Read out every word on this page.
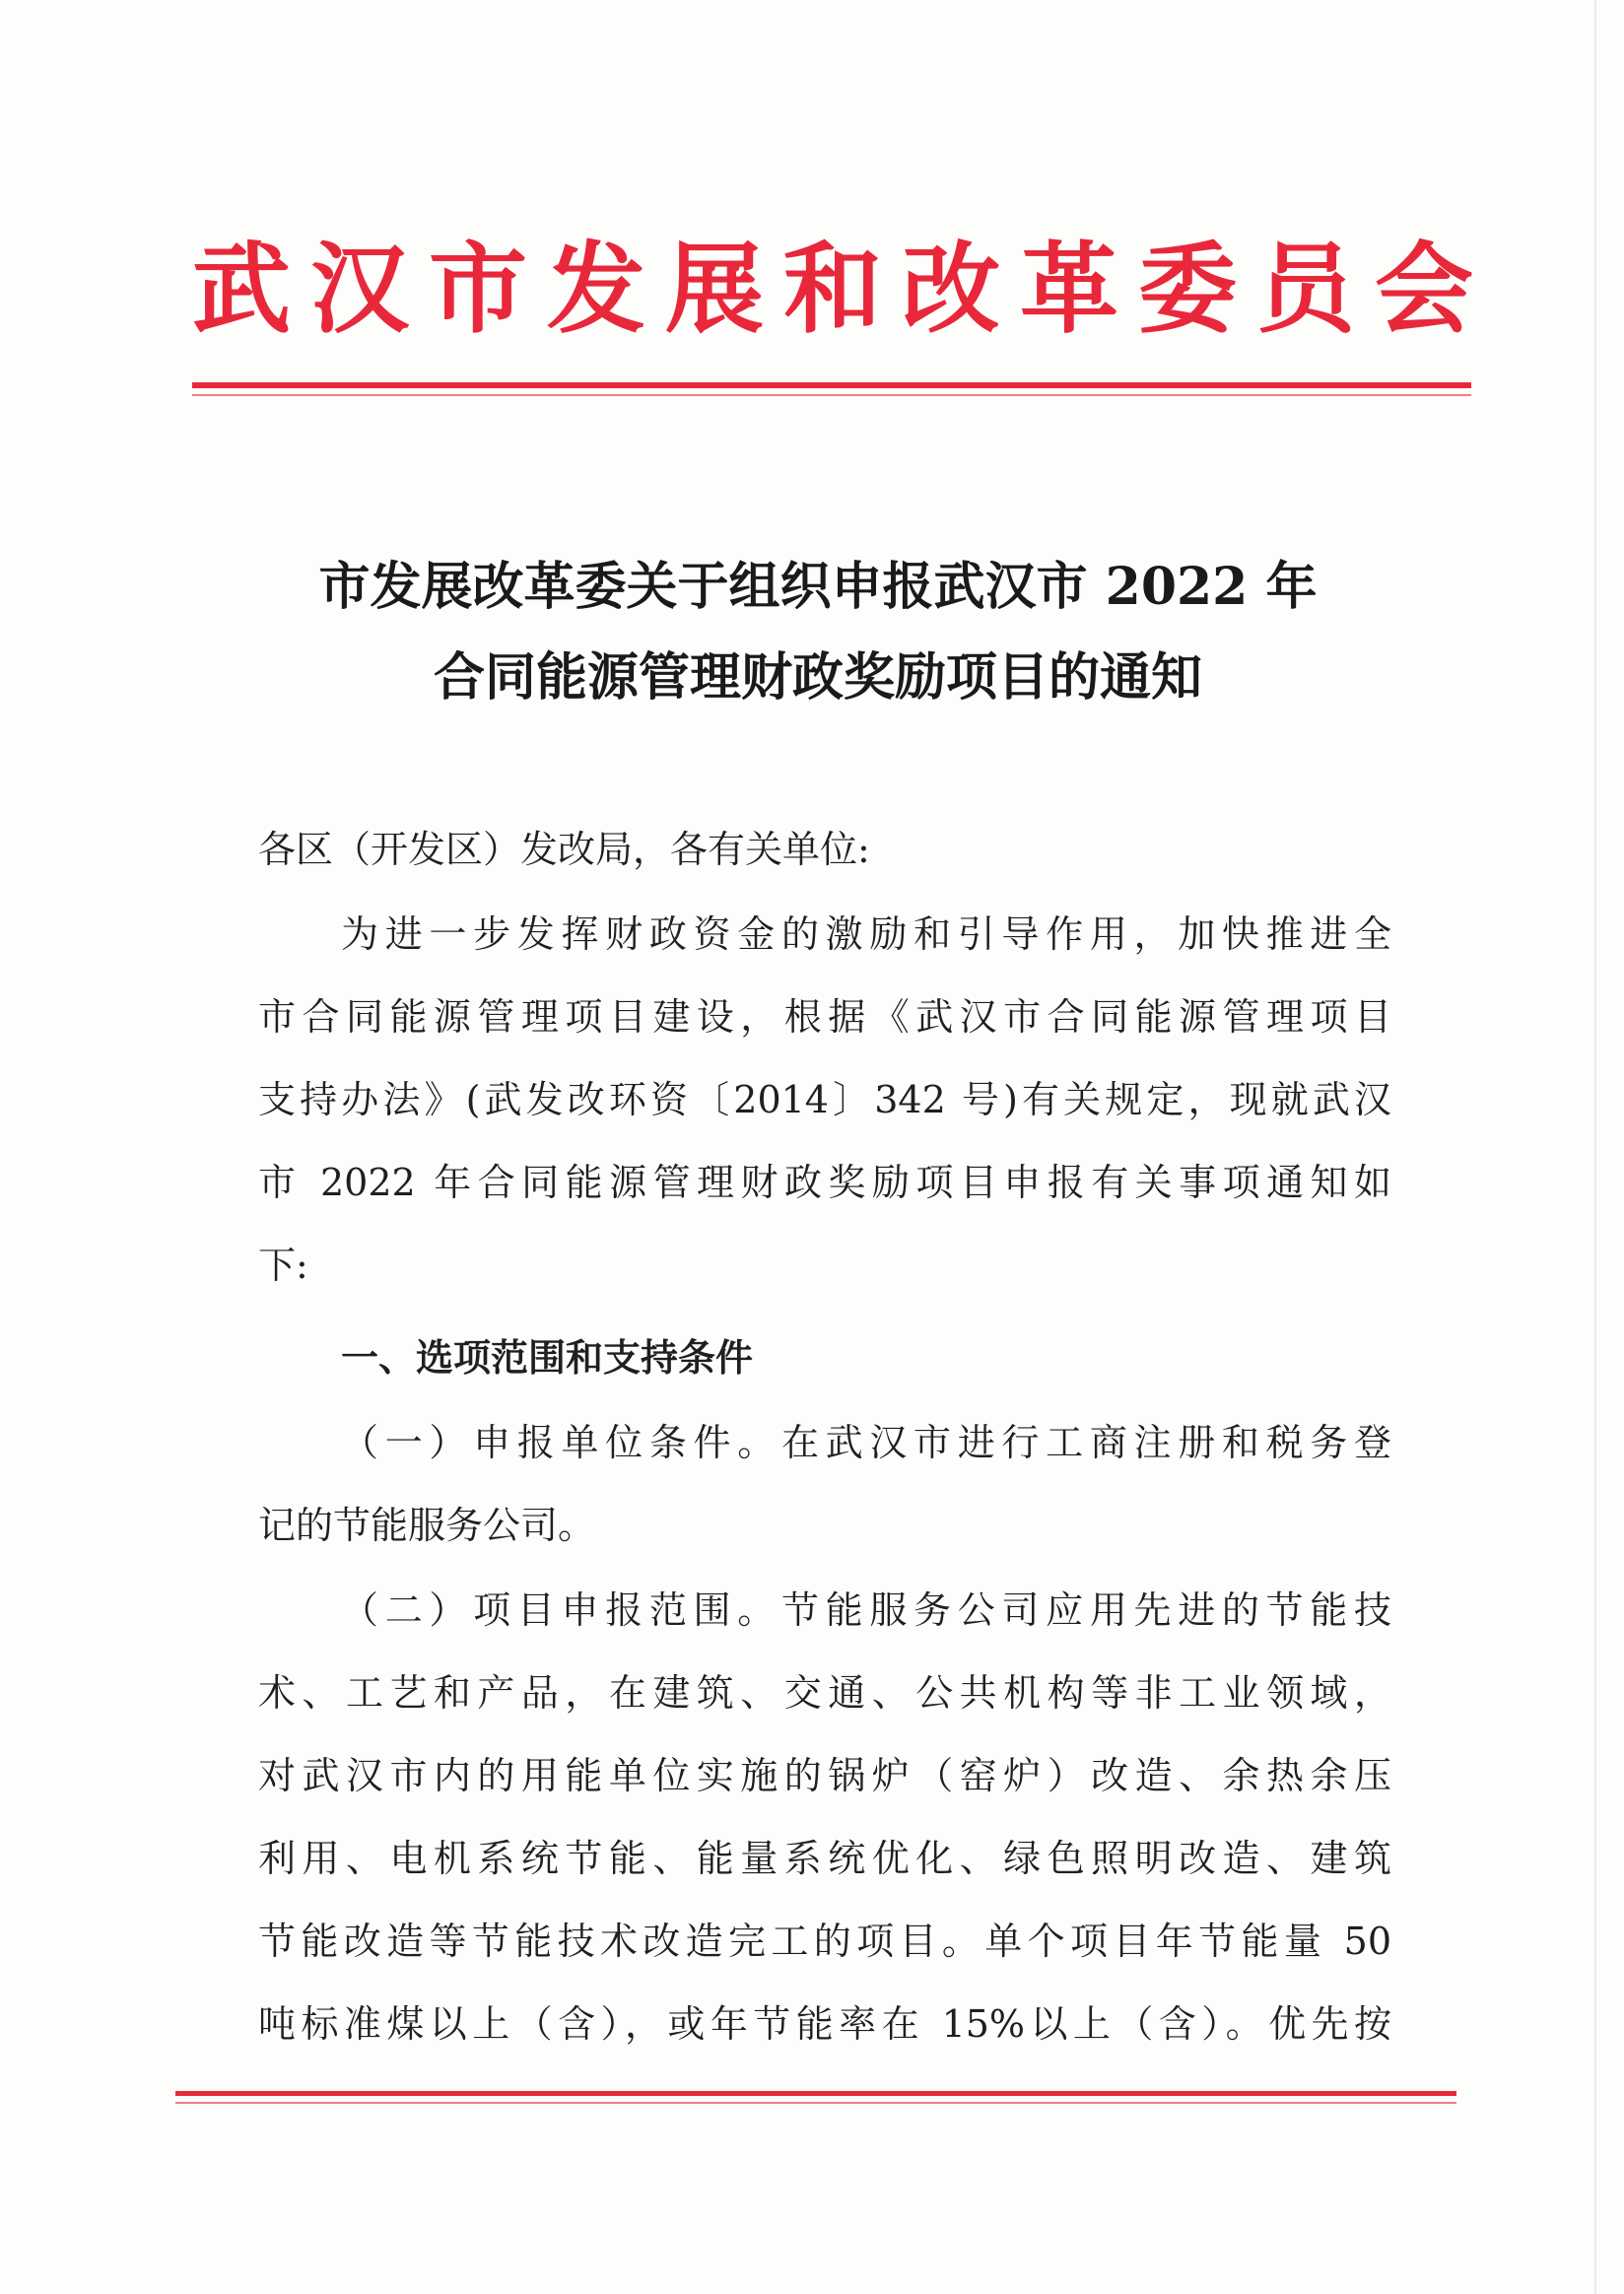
武汉市发展和改革委员会
市发展改革委关于组织申报武汉市 2022 年
合同能源管理财政奖励项目的通知
各区（开发区）发改局，各有关单位:
为进一步发挥财政资金的激励和引导作用，加快推进全
市合同能源管理项目建设，根据《武汉市合同能源管理项目
支持办法》(武发改环资〔2014〕342 号)有关规定，现就武汉
市 2022 年合同能源管理财政奖励项目申报有关事项通知如
下:
一、选项范围和支持条件
（一）申报单位条件。在武汉市进行工商注册和税务登
记的节能服务公司。
（二）项目申报范围。节能服务公司应用先进的节能技
术、工艺和产品，在建筑、交通、公共机构等非工业领域，
对武汉市内的用能单位实施的锅炉（窑炉）改造、余热余压
利用、电机系统节能、能量系统优化、绿色照明改造、建筑
节能改造等节能技术改造完工的项目。单个项目年节能量 50
吨标准煤以上（含），或年节能率在 15%以上（含）。优先按
